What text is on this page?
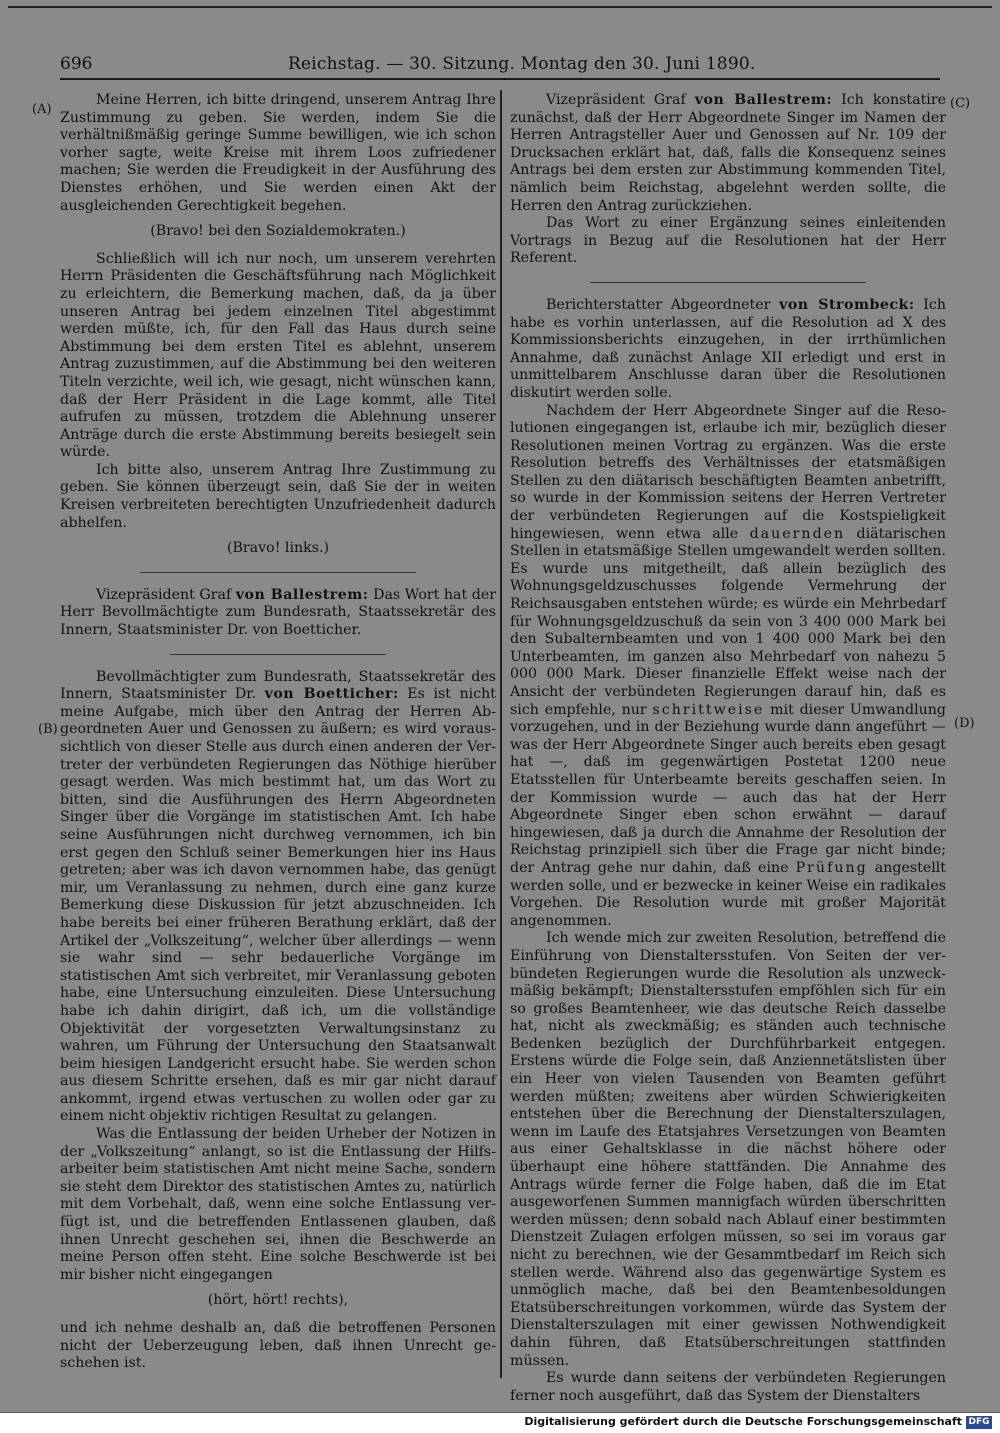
696	Reichstag. — 30. Sitzung. Montag den 30. Juni 1890.
(A)
(B)
(C)
(D)

Meine Herren, ich bitte dringend, unserem Antrag Ihre Zustimmung zu geben. Sie werden, indem Sie die verhältnißmäßig geringe Summe bewilligen, wie ich schon vorher sagte, weite Kreise mit ihrem Loos zufriedener machen; Sie werden die Freudigkeit in der Ausführung des Dienstes erhöhen, und Sie werden einen Akt der ausgleichenden Gerechtigkeit begehen.

(Bravo! bei den Sozialdemokraten.)

Schließlich will ich nur noch, um unserem verehrten Herrn Präsidenten die Geschäftsführung nach Möglichkeit zu erleichtern, die Bemerkung machen, daß, da ja über unseren Antrag bei jedem einzelnen Titel abgestimmt werden müßte, ich, für den Fall das Haus durch seine Abstimmung bei dem ersten Titel es ablehnt, unserem Antrag zuzustimmen, auf die Abstimmung bei den weiteren Titeln verzichte, weil ich, wie gesagt, nicht wünschen kann, daß der Herr Präsident in die Lage kommt, alle Titel aufrufen zu müssen, trotzdem die Ablehnung unserer Anträge durch die erste Abstimmung bereits besiegelt sein würde.

Ich bitte also, unserem Antrag Ihre Zustimmung zu geben. Sie können überzeugt sein, daß Sie der in weiten Kreisen verbreiteten berechtigten Unzufriedenheit dadurch abhelfen.

(Bravo! links.)

Vizepräsident Graf von Ballestrem: Das Wort hat der Herr Bevollmächtigte zum Bundesrath, Staatssekretär des Innern, Staatsminister Dr. von Boetticher.

Bevollmächtigter zum Bundesrath, Staatssekretär des Innern, Staatsminister Dr. von Boetticher: Es ist nicht meine Aufgabe, mich über den Antrag der Herren Abgeordneten Auer und Genossen zu äußern; es wird voraussichtlich von dieser Stelle aus durch einen anderen der Vertreter der verbündeten Regierungen das Nöthige hierüber gesagt werden. Was mich bestimmt hat, um das Wort zu bitten, sind die Ausführungen des Herrn Abgeordneten Singer über die Vorgänge im statistischen Amt. Ich habe seine Ausführungen nicht durchweg vernommen, ich bin erst gegen den Schluß seiner Bemerkungen hier ins Haus getreten; aber was ich davon vernommen habe, das genügt mir, um Veranlassung zu nehmen, durch eine ganz kurze Bemerkung diese Diskussion für jetzt abzuschneiden. Ich habe bereits bei einer früheren Berathung erklärt, daß der Artikel der „Volkszeitung“, welcher über allerdings — wenn sie wahr sind — sehr bedauerliche Vorgänge im statistischen Amt sich verbreitet, mir Veranlassung geboten habe, eine Untersuchung einzuleiten. Diese Untersuchung habe ich dahin dirigirt, daß ich, um die vollständige Objektivität der vorgesetzten Verwaltungsinstanz zu wahren, um Führung der Untersuchung den Staatsanwalt beim hiesigen Landgericht ersucht habe. Sie werden schon aus diesem Schritte ersehen, daß es mir gar nicht darauf ankommt, irgend etwas vertuschen zu wollen oder gar zu einem nicht objektiv richtigen Resultat zu gelangen.

Was die Entlassung der beiden Urheber der Notizen in der „Volkszeitung“ anlangt, so ist die Entlassung der Hilfsarbeiter beim statistischen Amt nicht meine Sache, sondern sie steht dem Direktor des statistischen Amtes zu, natürlich mit dem Vorbehalt, daß, wenn eine solche Entlassung verfügt ist, und die betreffenden Entlassenen glauben, daß ihnen Unrecht geschehen sei, ihnen die Beschwerde an meine Person offen steht. Eine solche Beschwerde ist bei mir bisher nicht eingegangen

(hört, hört! rechts),

und ich nehme deshalb an, daß die betroffenen Personen nicht der Ueberzeugung leben, daß ihnen Unrecht geschehen ist.

Vizepräsident Graf von Ballestrem: Ich konstatire zunächst, daß der Herr Abgeordnete Singer im Namen der Herren Antragsteller Auer und Genossen auf Nr. 109 der Drucksachen erklärt hat, daß, falls die Konsequenz seines Antrags bei dem ersten zur Abstimmung kommenden Titel, nämlich beim Reichstag, abgelehnt werden sollte, die Herren den Antrag zurückziehen.

Das Wort zu einer Ergänzung seines einleitenden Vortrags in Bezug auf die Resolutionen hat der Herr Referent.

Berichterstatter Abgeordneter von Strombeck: Ich habe es vorhin unterlassen, auf die Resolution ad X des Kommissionsberichts einzugehen, in der irrthümlichen Annahme, daß zunächst Anlage XII erledigt und erst in unmittelbarem Anschlusse daran über die Resolutionen diskutirt werden solle.

Nachdem der Herr Abgeordnete Singer auf die Resolutionen eingegangen ist, erlaube ich mir, bezüglich dieser Resolutionen meinen Vortrag zu ergänzen. Was die erste Resolution betreffs des Verhältnisses der etatsmäßigen Stellen zu den diätarisch beschäftigten Beamten anbetrifft, so wurde in der Kommission seitens der Herren Vertreter der verbündeten Regierungen auf die Kostspieligkeit hingewiesen, wenn etwa alle dauernden diätarischen Stellen in etatsmäßige Stellen umgewandelt werden sollten. Es wurde uns mitgetheilt, daß allein bezüglich des Wohnungsgeldzuschusses folgende Vermehrung der Reichsausgaben entstehen würde; es würde ein Mehrbedarf für Wohnungsgeldzuschuß da sein von 3 400 000 Mark bei den Subalternbeamten und von 1 400 000 Mark bei den Unterbeamten, im ganzen also Mehrbedarf von nahezu 5 000 000 Mark. Dieser finanzielle Effekt weise nach der Ansicht der verbündeten Regierungen darauf hin, daß es sich empfehle, nur schrittweise mit dieser Umwandlung vorzugehen, und in der Beziehung wurde dann angeführt — was der Herr Abgeordnete Singer auch bereits eben gesagt hat —, daß im gegenwärtigen Postetat 1200 neue Etatsstellen für Unterbeamte bereits geschaffen seien. In der Kommission wurde — auch das hat der Herr Abgeordnete Singer eben schon erwähnt — darauf hingewiesen, daß ja durch die Annahme der Resolution der Reichstag prinzipiell sich über die Frage gar nicht binde; der Antrag gehe nur dahin, daß eine Prüfung angestellt werden solle, und er bezwecke in keiner Weise ein radikales Vorgehen. Die Resolution wurde mit großer Majorität angenommen.

Ich wende mich zur zweiten Resolution, betreffend die Einführung von Dienstaltersstufen. Von Seiten der verbündeten Regierungen wurde die Resolution als unzweckmäßig bekämpft; Dienstaltersstufen empföhlen sich für ein so großes Beamtenheer, wie das deutsche Reich dasselbe hat, nicht als zweckmäßig; es ständen auch technische Bedenken bezüglich der Durchführbarkeit entgegen. Erstens würde die Folge sein, daß Anziennetätslisten über ein Heer von vielen Tausenden von Beamten geführt werden müßten; zweitens aber würden Schwierigkeiten entstehen über die Berechnung der Dienstalterszulagen, wenn im Laufe des Etatsjahres Versetzungen von Beamten aus einer Gehaltsklasse in die nächst höhere oder überhaupt eine höhere stattfänden. Die Annahme des Antrags würde ferner die Folge haben, daß die im Etat ausgeworfenen Summen mannigfach würden überschritten werden müssen; denn sobald nach Ablauf einer bestimmten Dienstzeit Zulagen erfolgen müssen, so sei im voraus gar nicht zu berechnen, wie der Gesammtbedarf im Reich sich stellen werde. Während also das gegenwärtige System es unmöglich mache, daß bei den Beamtenbesoldungen Etatsüberschreitungen vorkommen, würde das System der Dienstalterszulagen mit einer gewissen Nothwendigkeit dahin führen, daß Etatsüberschreitungen stattfinden müssen.

Es wurde dann seitens der verbündeten Regierungen ferner noch ausgeführt, daß das System der Dienstalters

Digitalisierung gefördert durch die Deutsche Forschungsgemeinschaft DFG
